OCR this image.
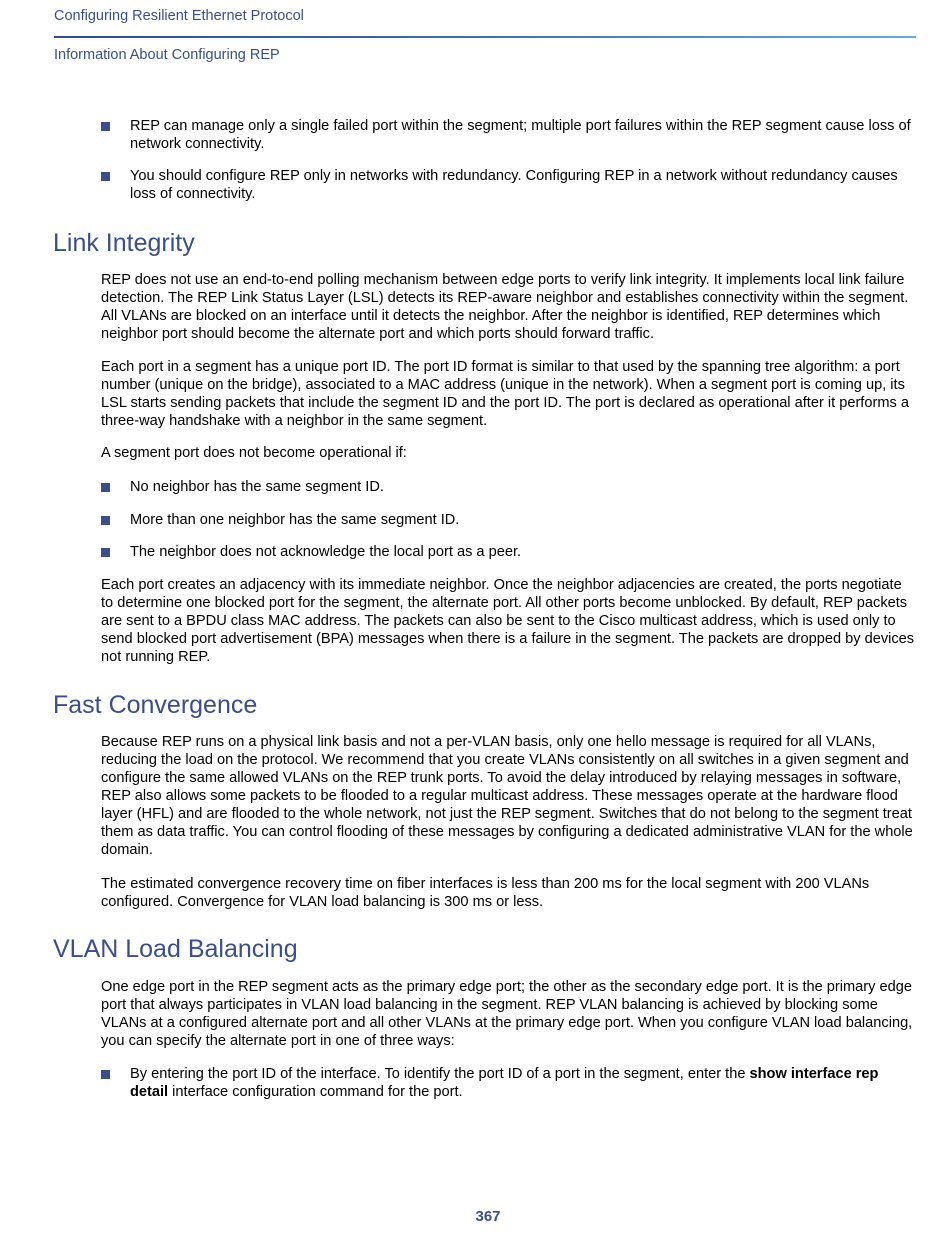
Configuring Resilient Ethernet Protocol
Information About Configuring REP
REP can manage only a single failed port within the segment; multiple port failures within the REP segment cause loss of network connectivity.
You should configure REP only in networks with redundancy. Configuring REP in a network without redundancy causes loss of connectivity.
Link Integrity
REP does not use an end-to-end polling mechanism between edge ports to verify link integrity. It implements local link failure detection. The REP Link Status Layer (LSL) detects its REP-aware neighbor and establishes connectivity within the segment. All VLANs are blocked on an interface until it detects the neighbor. After the neighbor is identified, REP determines which neighbor port should become the alternate port and which ports should forward traffic.
Each port in a segment has a unique port ID. The port ID format is similar to that used by the spanning tree algorithm: a port number (unique on the bridge), associated to a MAC address (unique in the network). When a segment port is coming up, its LSL starts sending packets that include the segment ID and the port ID. The port is declared as operational after it performs a three-way handshake with a neighbor in the same segment.
A segment port does not become operational if:
No neighbor has the same segment ID.
More than one neighbor has the same segment ID.
The neighbor does not acknowledge the local port as a peer.
Each port creates an adjacency with its immediate neighbor. Once the neighbor adjacencies are created, the ports negotiate to determine one blocked port for the segment, the alternate port. All other ports become unblocked. By default, REP packets are sent to a BPDU class MAC address. The packets can also be sent to the Cisco multicast address, which is used only to send blocked port advertisement (BPA) messages when there is a failure in the segment. The packets are dropped by devices not running REP.
Fast Convergence
Because REP runs on a physical link basis and not a per-VLAN basis, only one hello message is required for all VLANs, reducing the load on the protocol. We recommend that you create VLANs consistently on all switches in a given segment and configure the same allowed VLANs on the REP trunk ports. To avoid the delay introduced by relaying messages in software, REP also allows some packets to be flooded to a regular multicast address. These messages operate at the hardware flood layer (HFL) and are flooded to the whole network, not just the REP segment. Switches that do not belong to the segment treat them as data traffic. You can control flooding of these messages by configuring a dedicated administrative VLAN for the whole domain.
The estimated convergence recovery time on fiber interfaces is less than 200 ms for the local segment with 200 VLANs configured. Convergence for VLAN load balancing is 300 ms or less.
VLAN Load Balancing
One edge port in the REP segment acts as the primary edge port; the other as the secondary edge port. It is the primary edge port that always participates in VLAN load balancing in the segment. REP VLAN balancing is achieved by blocking some VLANs at a configured alternate port and all other VLANs at the primary edge port. When you configure VLAN load balancing, you can specify the alternate port in one of three ways:
By entering the port ID of the interface. To identify the port ID of a port in the segment, enter the show interface rep detail interface configuration command for the port.
367
